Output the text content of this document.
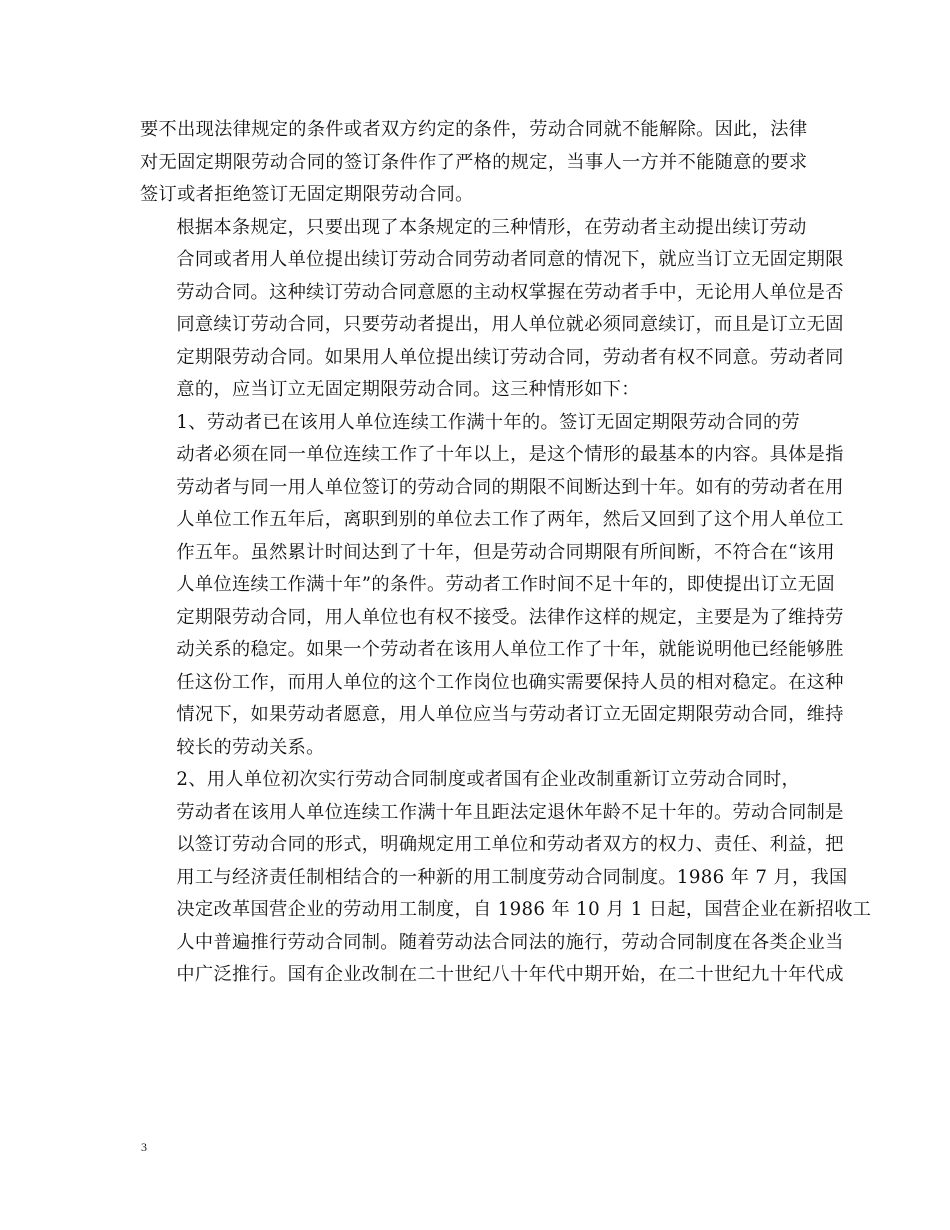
要不出现法律规定的条件或者双方约定的条件，劳动合同就不能解除。因此，法律
对无固定期限劳动合同的签订条件作了严格的规定，当事人一方并不能随意的要求
签订或者拒绝签订无固定期限劳动合同。
根据本条规定，只要出现了本条规定的三种情形，在劳动者主动提出续订劳动
合同或者用人单位提出续订劳动合同劳动者同意的情况下，就应当订立无固定期限
劳动合同。这种续订劳动合同意愿的主动权掌握在劳动者手中，无论用人单位是否
同意续订劳动合同，只要劳动者提出，用人单位就必须同意续订，而且是订立无固
定期限劳动合同。如果用人单位提出续订劳动合同，劳动者有权不同意。劳动者同
意的，应当订立无固定期限劳动合同。这三种情形如下：
1、劳动者已在该用人单位连续工作满十年的。签订无固定期限劳动合同的劳
动者必须在同一单位连续工作了十年以上，是这个情形的最基本的内容。具体是指
劳动者与同一用人单位签订的劳动合同的期限不间断达到十年。如有的劳动者在用
人单位工作五年后，离职到别的单位去工作了两年，然后又回到了这个用人单位工
作五年。虽然累计时间达到了十年，但是劳动合同期限有所间断，不符合在“该用
人单位连续工作满十年”的条件。劳动者工作时间不足十年的，即使提出订立无固
定期限劳动合同，用人单位也有权不接受。法律作这样的规定，主要是为了维持劳
动关系的稳定。如果一个劳动者在该用人单位工作了十年，就能说明他已经能够胜
任这份工作，而用人单位的这个工作岗位也确实需要保持人员的相对稳定。在这种
情况下，如果劳动者愿意，用人单位应当与劳动者订立无固定期限劳动合同，维持
较长的劳动关系。
2、用人单位初次实行劳动合同制度或者国有企业改制重新订立劳动合同时，
劳动者在该用人单位连续工作满十年且距法定退休年龄不足十年的。劳动合同制是
以签订劳动合同的形式，明确规定用工单位和劳动者双方的权力、责任、利益，把
用工与经济责任制相结合的一种新的用工制度劳动合同制度。1986 年 7 月，我国
决定改革国营企业的劳动用工制度，自 1986 年 10 月 1 日起，国营企业在新招收工
人中普遍推行劳动合同制。随着劳动法合同法的施行，劳动合同制度在各类企业当
中广泛推行。国有企业改制在二十世纪八十年代中期开始，在二十世纪九十年代成
3
